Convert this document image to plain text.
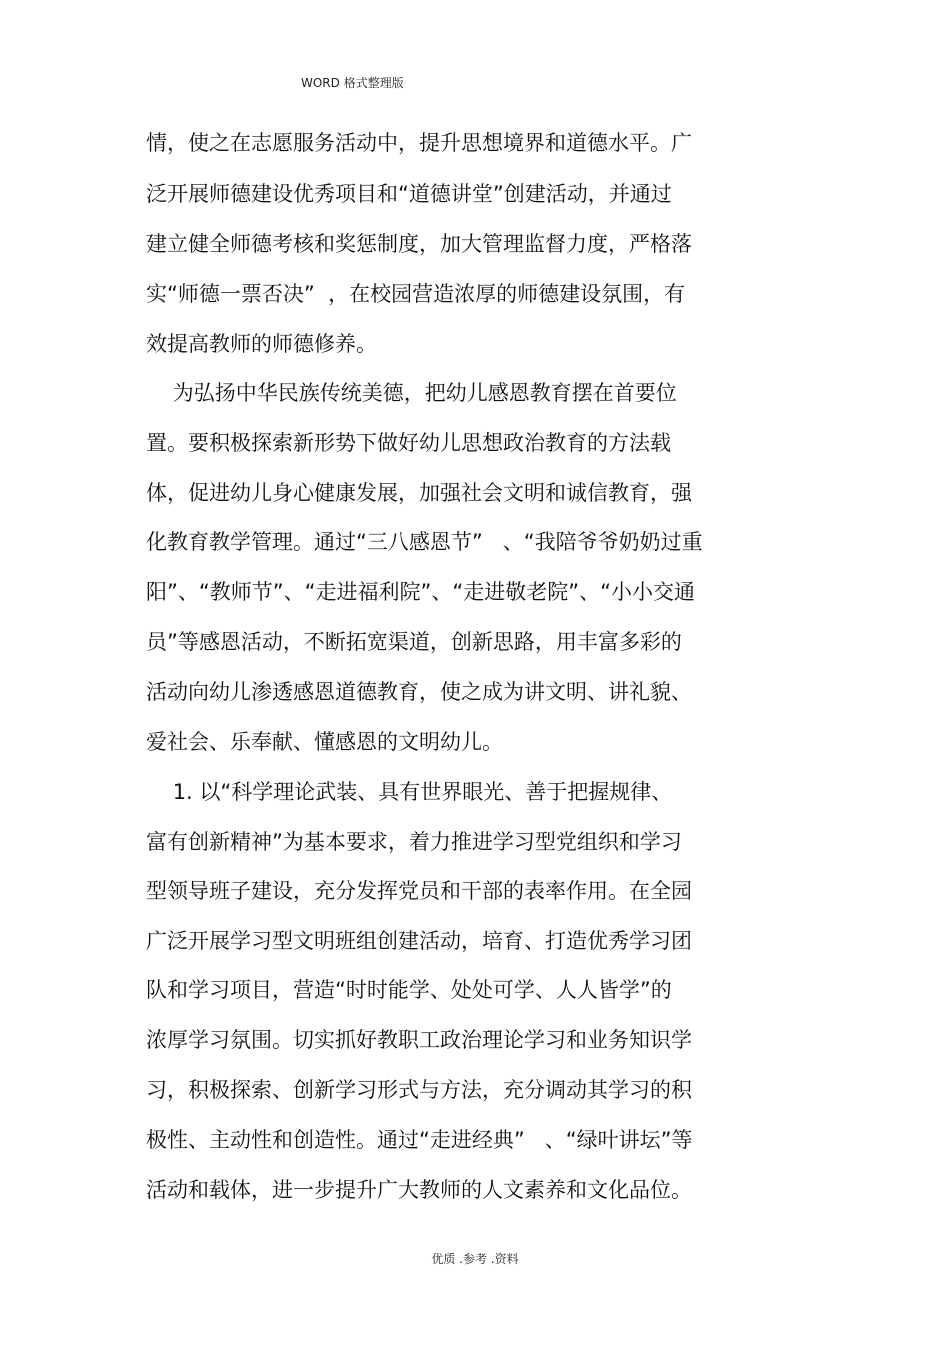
WORD 格式整理版
情，使之在志愿服务活动中，提升思想境界和道德水平。广
泛开展师德建设优秀项目和“道德讲堂”创建活动，并通过
建立健全师德考核和奖惩制度，加大管理监督力度，严格落
实“师德一票否决”  ，在校园营造浓厚的师德建设氛围，有
效提高教师的师德修养。
为弘扬中华民族传统美德，把幼儿感恩教育摆在首要位
置。要积极探索新形势下做好幼儿思想政治教育的方法载
体，促进幼儿身心健康发展，加强社会文明和诚信教育，强
化教育教学管理。通过“三八感恩节”   、“我陪爷爷奶奶过重
阳”、“教师节”、“走进福利院”、“走进敬老院”、“小小交通
员”等感恩活动，不断拓宽渠道，创新思路，用丰富多彩的
活动向幼儿渗透感恩道德教育，使之成为讲文明、讲礼貌、
爱社会、乐奉献、懂感恩的文明幼儿。
1. 以“科学理论武装、具有世界眼光、善于把握规律、
富有创新精神”为基本要求，着力推进学习型党组织和学习
型领导班子建设，充分发挥党员和干部的表率作用。在全园
广泛开展学习型文明班组创建活动，培育、打造优秀学习团
队和学习项目，营造“时时能学、处处可学、人人皆学”的
浓厚学习氛围。切实抓好教职工政治理论学习和业务知识学
习，积极探索、创新学习形式与方法，充分调动其学习的积
极性、主动性和创造性。通过“走进经典”   、“绿叶讲坛”等
活动和载体，进一步提升广大教师的人文素养和文化品位。
优质 .参考 .资料
